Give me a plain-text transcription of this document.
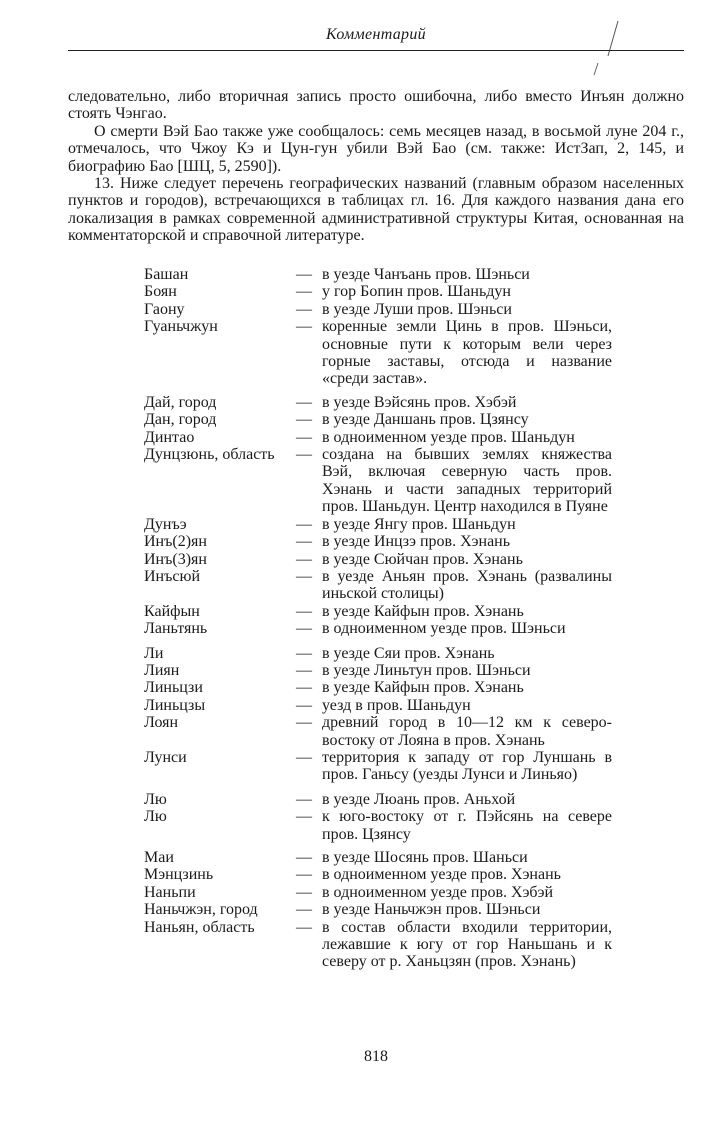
Комментарий

следовательно, либо вторичная запись просто ошибочна, либо вместо Инъян должно стоять Чэнгао.

О смерти Вэй Бао также уже сообщалось: семь месяцев назад, в восьмой луне 204 г., отмечалось, что Чжоу Кэ и Цун-гун убили Вэй Бао (см. также: ИстЗап, 2, 145, и биографию Бао [ШЦ, 5, 2590]).

13. Ниже следует перечень географических названий (главным образом населенных пунктов и городов), встречающихся в таблицах гл. 16. Для каждого названия дана его локализация в рамках современной административной структуры Китая, основанная на комментаторской и справочной литературе.

Башан	— в уезде Чанъань пров. Шэньси
Боян	— у гор Бопин пров. Шаньдун
Гаону	— в уезде Луши пров. Шэньси
Гуаньчжун	— коренные земли Цинь в пров. Шэньси, основные пути к которым вели через горные заставы, отсюда и название «среди застав».
Дай, город	— в уезде Вэйсянь пров. Хэбэй
Дан, город	— в уезде Даншань пров. Цзянсу
Динтао	— в одноименном уезде пров. Шаньдун
Дунцзюнь, область	— создана на бывших землях княжества Вэй, включая северную часть пров. Хэнань и части западных территорий пров. Шаньдун. Центр находился в Пуяне
Дунъэ	— в уезде Янгу пров. Шаньдун
Инъ(2)ян	— в уезде Инцзэ пров. Хэнань
Инъ(3)ян	— в уезде Сюйчан пров. Хэнань
Инъсюй	— в уезде Аньян пров. Хэнань (развалины иньской столицы)
Кайфын	— в уезде Кайфын пров. Хэнань
Ланьтянь	— в одноименном уезде пров. Шэньси
Ли	— в уезде Сяи пров. Хэнань
Лиян	— в уезде Линьтун пров. Шэньси
Линьцзи	— в уезде Кайфын пров. Хэнань
Линьцзы	— уезд в пров. Шаньдун
Лоян	— древний город в 10—12 км к северо-востоку от Лояна в пров. Хэнань
Лунси	— территория к западу от гор Луншань в пров. Ганьсу (уезды Лунси и Линьяо)
Лю	— в уезде Люань пров. Аньхой
Лю	— к юго-востоку от г. Пэйсянь на севере пров. Цзянсу
Маи	— в уезде Шосянь пров. Шаньси
Мэнцзинь	— в одноименном уезде пров. Хэнань
Наньпи	— в одноименном уезде пров. Хэбэй
Наньчжэн, город	— в уезде Наньчжэн пров. Шэньси
Наньян, область	— в состав области входили территории, лежавшие к югу от гор Наньшань и к северу от р. Ханьцзян (пров. Хэнань)
818
